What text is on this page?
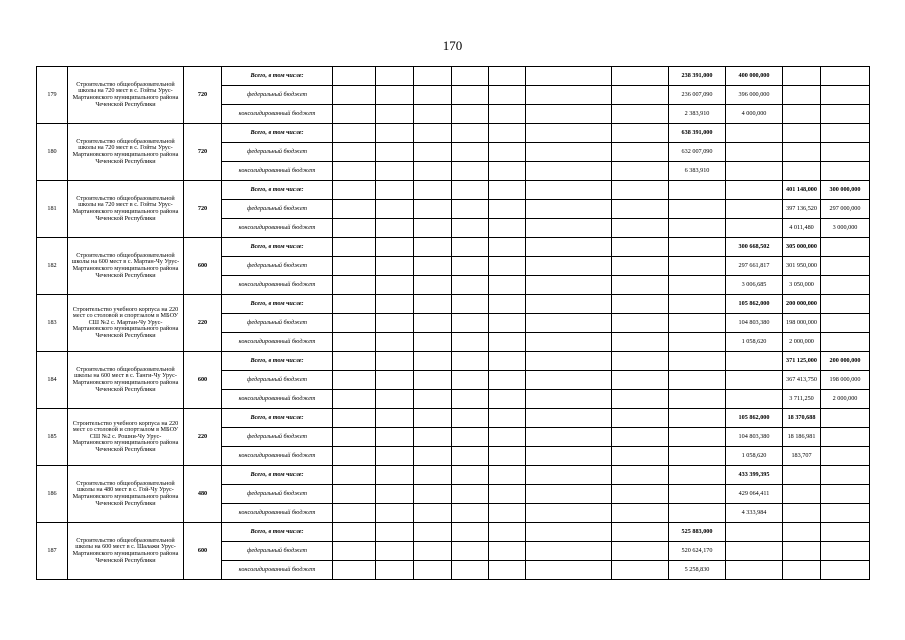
170
179	Строительство общеобразовательной школы на 720 мест в с. Гойты Урус-Мартановского муниципального района Чеченской Республики	720	Всего, в том числе:								238 391,000	400 000,000			
			федеральный бюджет								236 007,090	396 000,000			
			консолидированный бюджет								2 383,910	4 000,000			
180	Строительство общеобразовательной школы на 720 мест в с. Гойты Урус-Мартановского муниципального района Чеченской Республики	720	Всего, в том числе:								638 391,000				
			федеральный бюджет								632 007,090				
			консолидированный бюджет								6 383,910				
181	Строительство общеобразовательной школы на 720 мест в с. Гойты Урус-Мартановского муниципального района Чеченской Республики	720	Всего, в том числе:										401 148,000	300 000,000	
			федеральный бюджет										397 136,520	297 000,000	
			консолидированный бюджет										4 011,480	3 000,000	
182	Строительство общеобразовательной школы на 600 мест в с. Мартан-Чу Урус-Мартановского муниципального района Чеченской Республики	600	Всего, в том числе:									300 668,502	305 000,000		
			федеральный бюджет									297 661,817	301 950,000		
			консолидированный бюджет									3 006,685	3 050,000		
183	Строительство учебного корпуса на 220 мест со столовой и спортзалом в МБОУ СШ №2 с. Мартан-Чу Урус-Мартановского муниципального района Чеченской Республики	220	Всего, в том числе:									105 862,000	200 000,000		
			федеральный бюджет									104 803,380	198 000,000		
			консолидированный бюджет									1 058,620	2 000,000		
184	Строительство общеобразовательной школы на 600 мест в с. Танги-Чу Урус-Мартановского муниципального района Чеченской Республики	600	Всего, в том числе:										371 125,000	200 000,000	
			федеральный бюджет										367 413,750	198 000,000	
			консолидированный бюджет										3 711,250	2 000,000	
185	Строительство учебного корпуса на 220 мест со столовой и спортзалом в МБОУ СШ №2 с. Рошни-Чу Урус-Мартановского муниципального района Чеченской Республики	220	Всего, в том числе:									105 862,000	18 370,688		
			федеральный бюджет									104 803,380	18 186,981		
			консолидированный бюджет									1 058,620	183,707		
186	Строительство общеобразовательной школы на 480 мест в с. Гой-Чу Урус-Мартановского муниципального района Чеченской Республики	480	Всего, в том числе:									433 399,395			
			федеральный бюджет									429 064,411			
			консолидированный бюджет									4 333,984			
187	Строительство общеобразовательной школы на 600 мест в с. Шалажи Урус-Мартановского муниципального района Чеченской Республики	600	Всего, в том числе:								525 883,000				
			федеральный бюджет								520 624,170				
			консолидированный бюджет								5 258,830				
